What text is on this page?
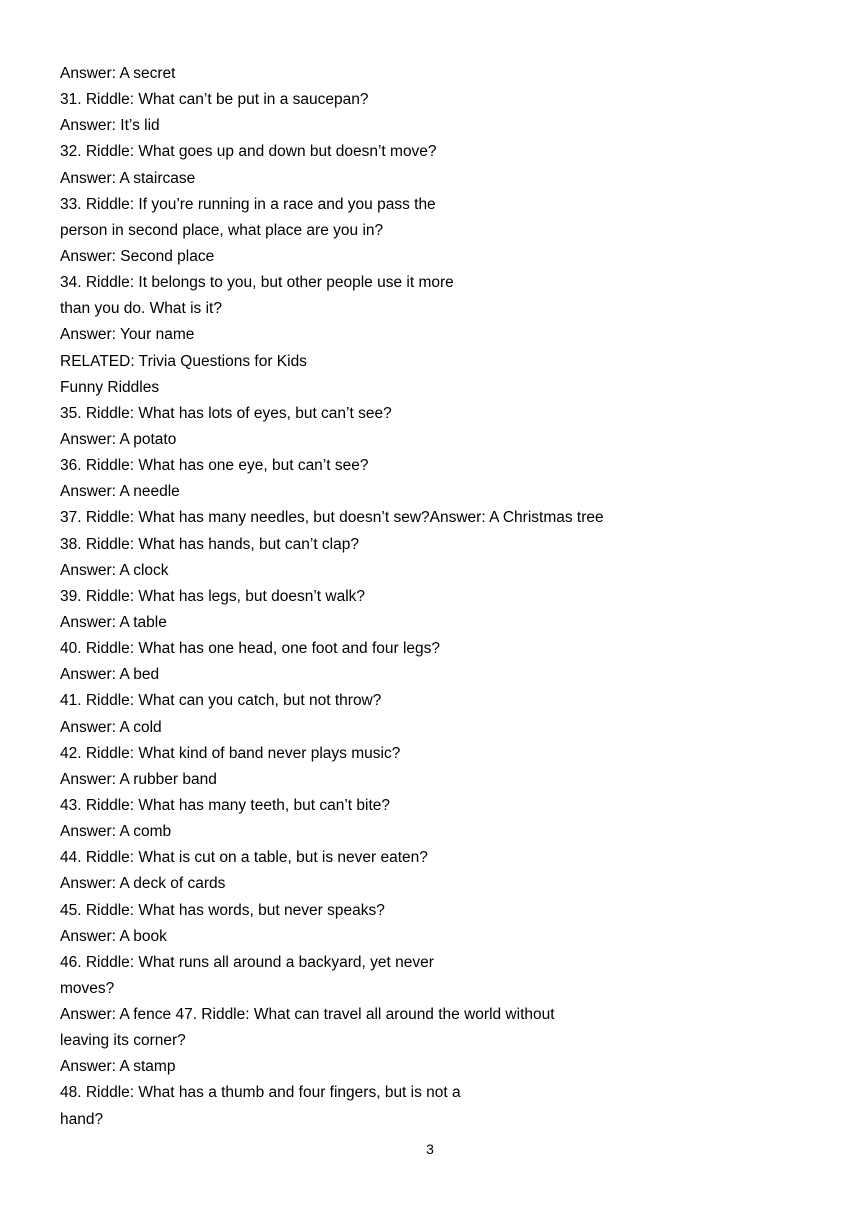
Answer: A secret
31. Riddle: What can’t be put in a saucepan?
Answer: It’s lid
32. Riddle: What goes up and down but doesn’t move?
Answer: A staircase
33. Riddle: If you’re running in a race and you pass the
person in second place, what place are you in?
Answer: Second place
34. Riddle: It belongs to you, but other people use it more
than you do. What is it?
Answer: Your name
RELATED: Trivia Questions for Kids
Funny Riddles
35. Riddle: What has lots of eyes, but can’t see?
Answer: A potato
36. Riddle: What has one eye, but can’t see?
Answer: A needle
37. Riddle: What has many needles, but doesn’t sew?Answer: A Christmas tree
38. Riddle: What has hands, but can’t clap?
Answer: A clock
39. Riddle: What has legs, but doesn’t walk?
Answer: A table
40. Riddle: What has one head, one foot and four legs?
Answer: A bed
41. Riddle: What can you catch, but not throw?
Answer: A cold
42. Riddle: What kind of band never plays music?
Answer: A rubber band
43. Riddle: What has many teeth, but can’t bite?
Answer: A comb
44. Riddle: What is cut on a table, but is never eaten?
Answer: A deck of cards
45. Riddle: What has words, but never speaks?
Answer: A book
46. Riddle: What runs all around a backyard, yet never
moves?
Answer: A fence 47. Riddle: What can travel all around the world without
leaving its corner?
Answer: A stamp
48. Riddle: What has a thumb and four fingers, but is not a
hand?
3
